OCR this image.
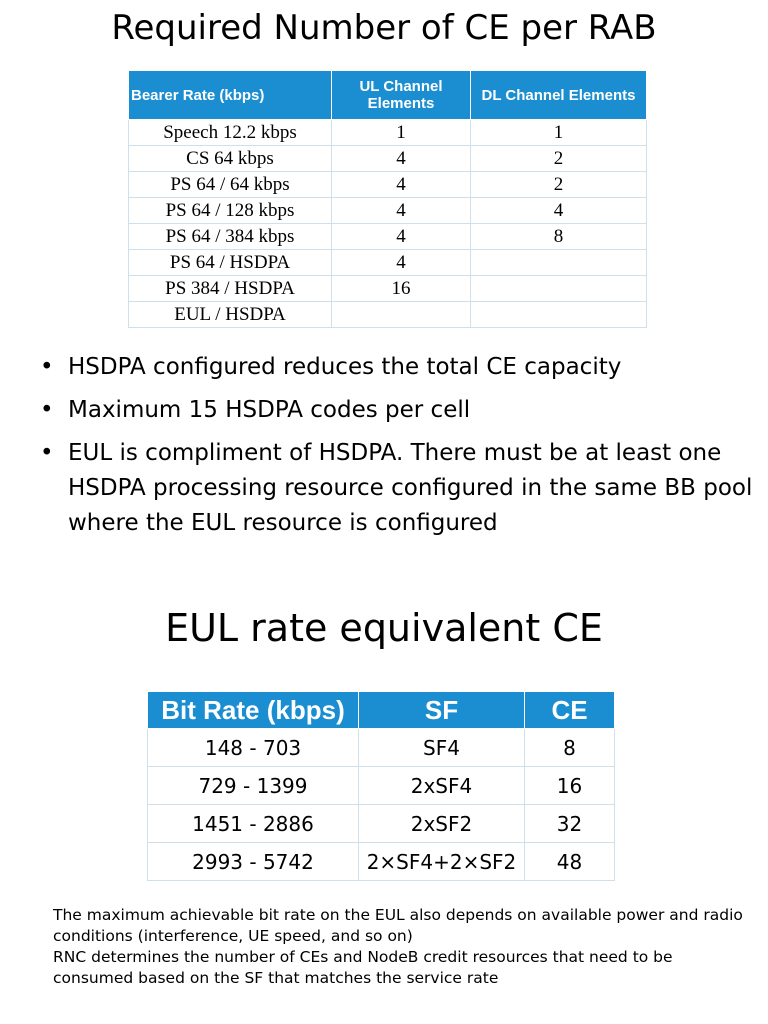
Required Number of CE per RAB
Bearer Rate (kbps)	UL Channel Elements	DL Channel Elements
Speech 12.2 kbps	1	1
CS 64 kbps	4	2
PS 64 / 64 kbps	4	2
PS 64 / 128 kbps	4	4
PS 64 / 384 kbps	4	8
PS 64 / HSDPA	4	
PS 384 / HSDPA	16	
EUL / HSDPA		
• HSDPA configured reduces the total CE capacity
• Maximum 15 HSDPA codes per cell
• EUL is compliment of HSDPA. There must be at least one HSDPA processing resource configured in the same BB pool where the EUL resource is configured
EUL rate equivalent CE
Bit Rate (kbps)	SF	CE
148 - 703	SF4	8
729 - 1399	2xSF4	16
1451 - 2886	2xSF2	32
2993 - 5742	2×SF4+2×SF2	48

The maximum achievable bit rate on the EUL also depends on available power and radio conditions (interference, UE speed, and so on)

RNC determines the number of CEs and NodeB credit resources that need to be consumed based on the SF that matches the service rate
